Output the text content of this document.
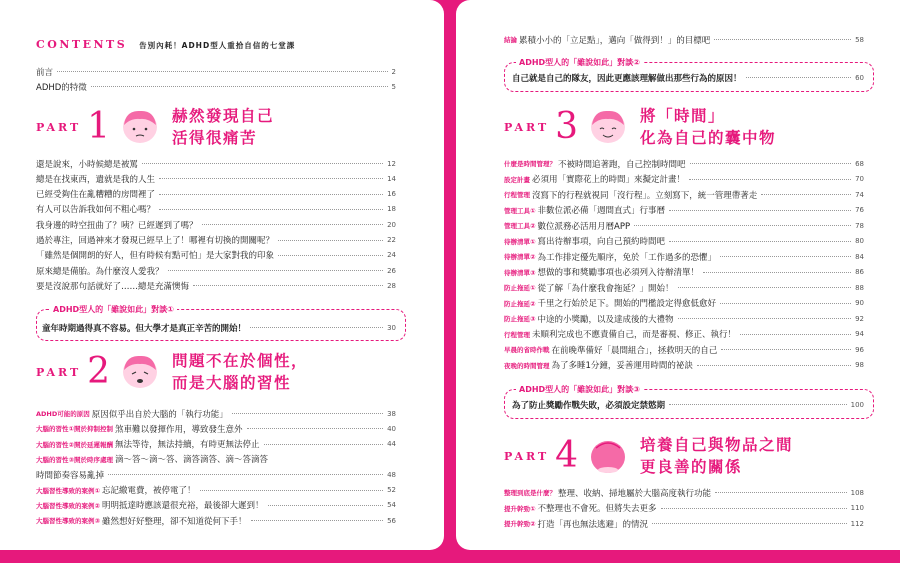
CONTENTS 告別內耗！ADHD型人重拾自信的七堂課
前言	2
ADHD的特徵	5
PART 1	赫然發現自己
活得很痛苦
還是說來，小時候總是被罵	12
總是在找東西，遺就是我的人生	14
已經受夠住在亂糟糟的房間裡了	16
有人可以告訴我如何不粗心嗎？	18
我身邊的時空扭曲了？咦？已經遲到了嗎？	20
過於專注，回過神來才發現已經早上了！哪裡有切換的開關呢？	22
「雖然是個開朗的好人，但有時候有點可怕」是大家對我的印象	24
原來總是備胎。為什麼沒人愛我？	26
要是沒說那句話就好了……總是充滿懊悔	28
ADHD型人的「雖說如此」對談①
童年時期過得真不容易。但大學才是真正辛苦的開始！	30
PART 2	問題不在於個性，
而是大腦的習性
ADHD可能的原因 原因似乎出自於大腦的「執行功能」	38
大腦的習性①開於抑制控制 煞車難以發揮作用，導致發生意外	40
大腦的習性②開於延遲報酬 無法等待，無法持續，有時更無法停止	44
大腦的習性③開於時序處理 滴～答～滴～答、滴答滴答、滴～答滴答
時間節奏容易亂掉	48
大腦習性導致的案例① 忘記繳電費，被停電了！	52
大腦習性導致的案例② 明明抵達時應該還很充裕，最後卻大遲到！	54
大腦習性導致的案例③ 雖然想好好整理，卻不知道從何下手！	56
結論 累積小小的「立足點」，邁向「做得到！」的目標吧	58
ADHD型人的「雖說如此」對談②
自己就是自己的隊友，因此更應該理解做出那些行為的原因！	60
PART 3	將「時間」
化為自己的囊中物
什麼是時間管理？ 不被時間追著跑，自己控制時間吧	68
設定計畫 必須用「實際花上的時間」來擬定計畫！	70
行程管理 沒寫下的行程就視同「沒行程」。立刻寫下，統一管理帶著走	74
管理工具① 非數位派必備「週間直式」行事曆	76
管理工具② 數位派務必活用月曆APP	78
待辦清單① 寫出待辦事項，向自己預約時間吧	80
待辦清單② 為工作排定優先順序，免於「工作過多的恐懼」	84
待辦清單③ 想做的事和獎勵事項也必須列入待辦清單！	86
防止拖延① 從了解「為什麼我會拖延？」開始！	88
防止拖延② 千里之行始於足下。開始的門檻設定得愈低愈好	90
防止拖延③ 中途的小獎勵，以及達成後的大禮物	92
行程管理 未順利完成也不應責備自己，而是審視、修正、執行！	94
早晨的省時作戰 在前晚準備好「晨間組合」，拯救明天的自己	96
夜晚的時間管理 為了多睡1分鐘，妥善運用時間的祕訣	98
ADHD型人的「雖說如此」對談③
為了防止獎勵作戰失敗，必須設定禁慾期	100
PART 4	培養自己與物品之間
更良善的關係
整理到底是什麼？ 整理、收納、掃地屬於大腦高度執行功能	108
提升幹勁① 不整理也不會死。但將失去更多	110
提升幹勁② 打造「再也無法逃避」的情況	112
